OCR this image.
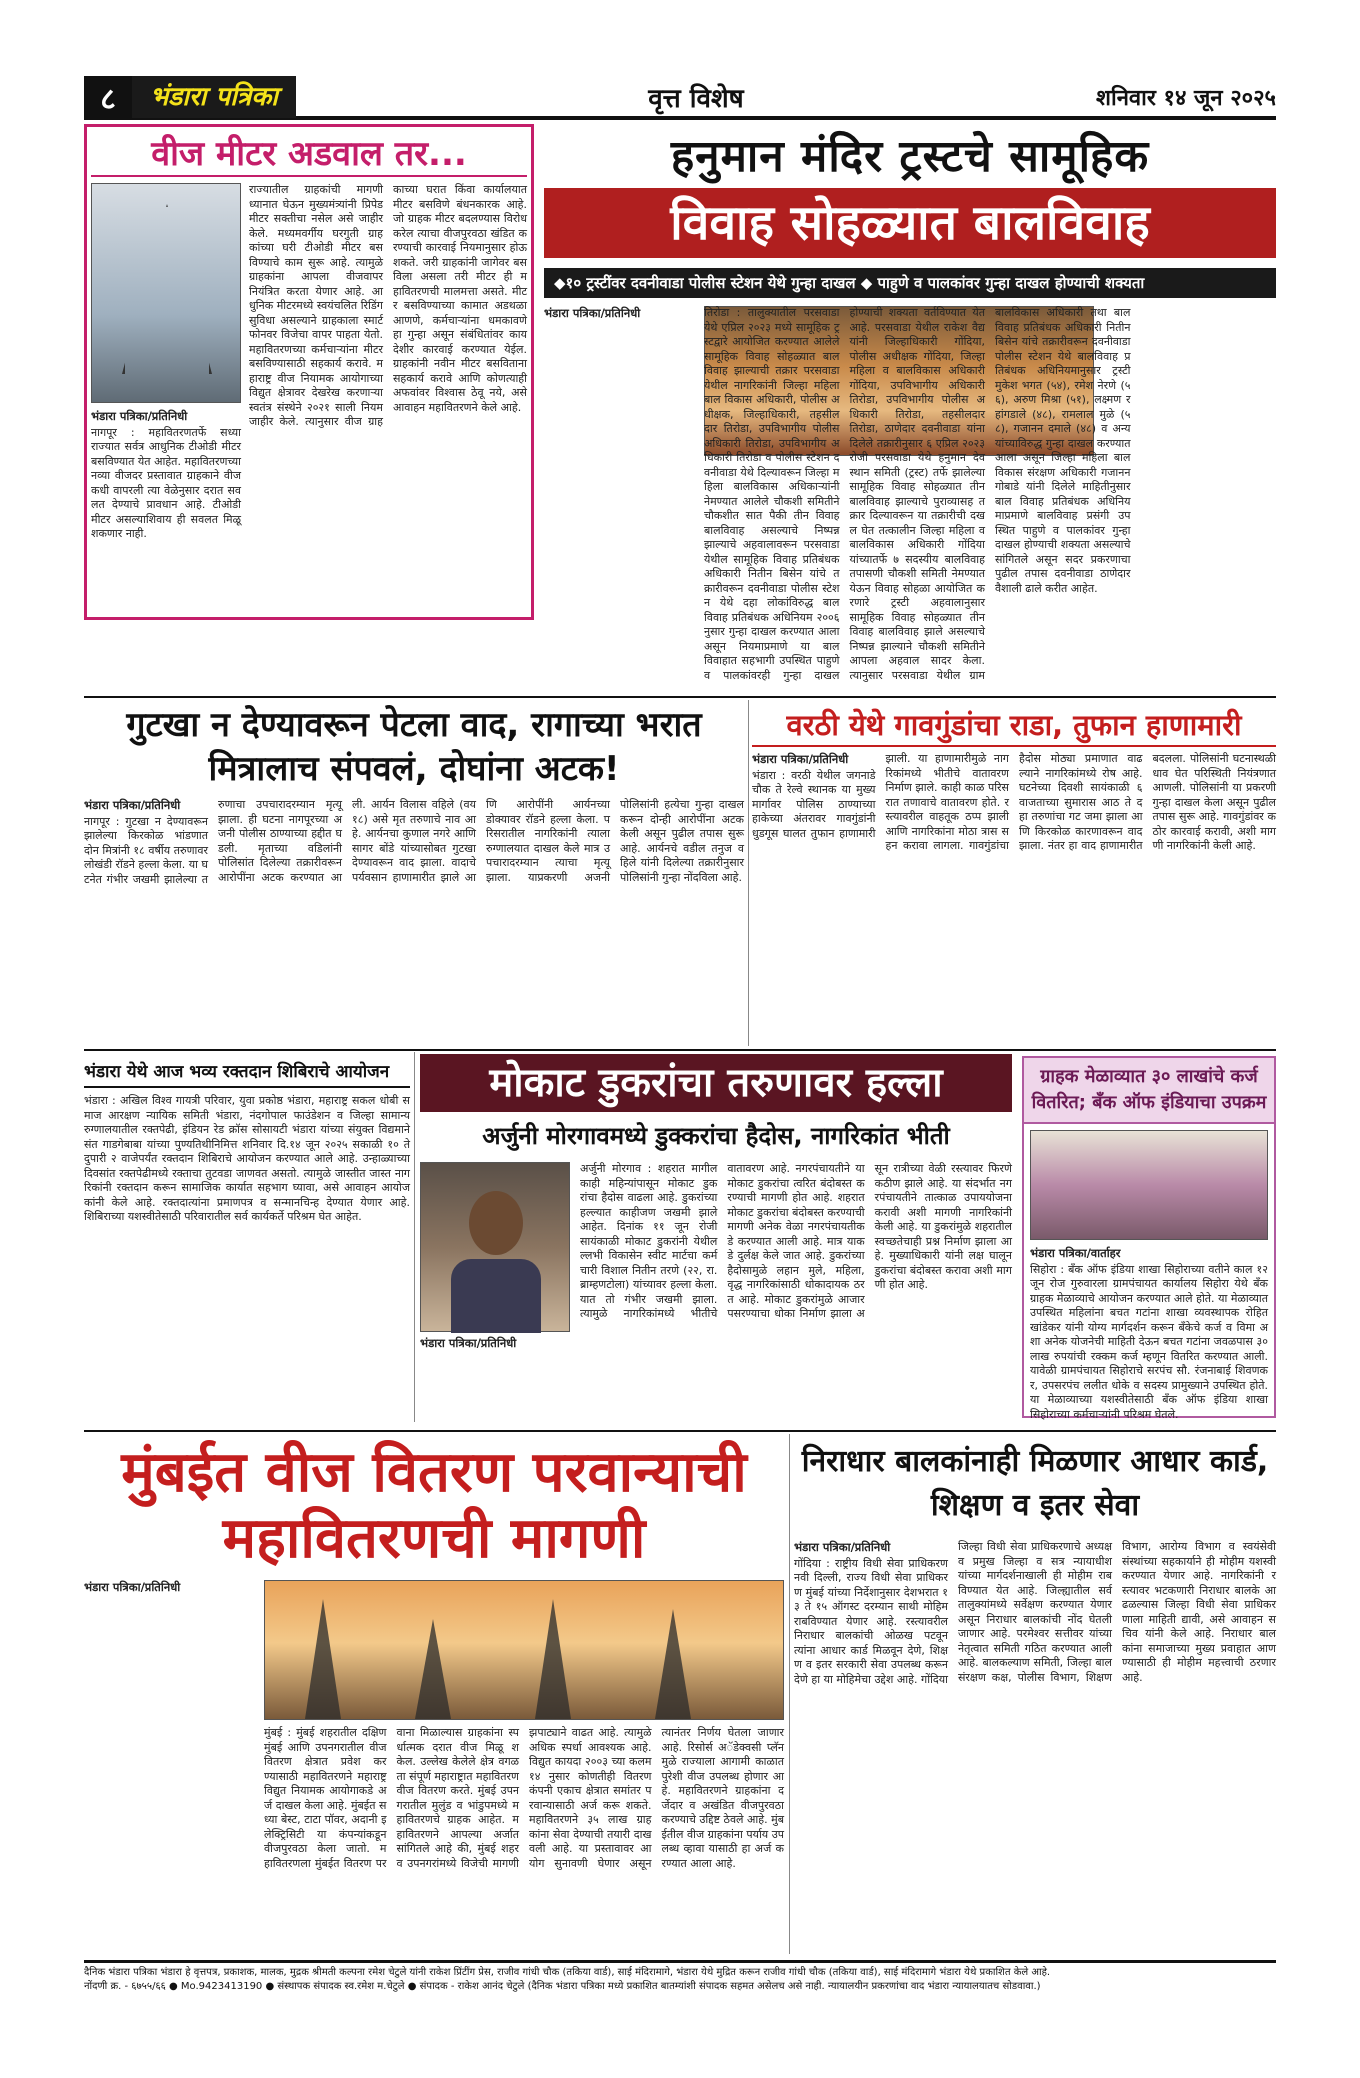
८	भंडारा पत्रिका	वृत्त विशेष	शनिवार १४ जून २०२५
वीज मीटर अडवाल तर...
भंडारा पत्रिका/प्रतिनिधी
नागपूर : महावितरणतर्फे सध्या राज्यात सर्वत्र आधुनिक टीओडी मीटर बसविण्यात येत आहेत. महावितरणच्या नव्या वीजदर प्रस्तावात ग्राहकाने वीज कधी वापरली त्या वेळेनुसार दरात सवलत देण्याचे प्रावधान आहे. टीओडी मीटर असल्याशिवाय ही सवलत मिळू शकणार नाही.
राज्यातील ग्राहकांची मागणी ध्यानात घेऊन मुख्यमंत्र्यांनी प्रिपेड मीटर सक्तीचा नसेल असे जाहीर केले. मध्यमवर्गीय घरगुती ग्राहकांच्या घरी टीओडी मीटर बसविण्याचे काम सुरू आहे. त्यामुळे ग्राहकांना आपला वीजवापर नियंत्रित करता येणार आहे. आधुनिक मीटरमध्ये स्वयंचलित रिडिंग सुविधा असल्याने ग्राहकाला स्मार्टफोनवर विजेचा वापर पाहता येतो. महावितरणच्या कर्मचाऱ्यांना मीटर बसविण्यासाठी सहकार्य करावे. महाराष्ट्र वीज नियामक आयोगाच्या विद्युत क्षेत्रावर देखरेख करणाऱ्या स्वतंत्र संस्थेने २०२१ साली नियम जाहीर केले. त्यानुसार वीज ग्राहकाच्या घरात किंवा कार्यालयात मीटर बसविणे बंधनकारक आहे. जो ग्राहक मीटर बदलण्यास विरोध करेल त्याचा वीजपुरवठा खंडित करण्याची कारवाई नियमानुसार होऊ शकते. जरी ग्राहकांनी जागेवर बसविला असला तरी मीटर ही महावितरणची मालमत्ता असते. मीटर बसविण्याच्या कामात अडथळा आणणे, कर्मचाऱ्यांना धमकावणे हा गुन्हा असून संबंधितांवर कायदेशीर कारवाई करण्यात येईल. ग्राहकांनी नवीन मीटर बसविताना सहकार्य करावे आणि कोणत्याही अफवांवर विश्वास ठेवू नये, असे आवाहन महावितरणने केले आहे.
हनुमान मंदिर ट्रस्टचे सामूहिक
विवाह सोहळ्यात बालविवाह
◆१० ट्रस्टींवर दवनीवाडा पोलीस स्टेशन येथे गुन्हा दाखल ◆ पाहुणे व पालकांवर गुन्हा दाखल होण्याची शक्यता
भंडारा पत्रिका/प्रतिनिधी	तिरोडा : तालुक्यातील परसवाडा येथे एप्रिल २०२३ मध्ये सामूहिक ट्रस्टद्वारे आयोजित करण्यात आलेले सामूहिक विवाह सोहळ्यात बालविवाह झाल्याची तक्रार परसवाडा येथील नागरिकांनी जिल्हा महिला बाल विकास अधिकारी, पोलीस अधीक्षक, जिल्हाधिकारी, तहसीलदार तिरोडा, उपविभागीय पोलीस अधिकारी तिरोडा, उपविभागीय अधिकारी तिरोडा व पोलीस स्टेशन दवनीवाडा येथे दिल्यावरून जिल्हा महिला बालविकास अधिकाऱ्यांनी नेमण्यात आलेले चौकशी समितीने चौकशीत सात पैकी तीन विवाह बालविवाह असल्याचे निष्पन्न झाल्याचे अहवालावरून परसवाडा येथील सामूहिक विवाह प्रतिबंधक अधिकारी नितीन बिसेन यांचे तक्रारीवरून दवनीवाडा पोलीस स्टेशन येथे दहा लोकांविरुद्ध बाल विवाह प्रतिबंधक अधिनियम २००६ नुसार गुन्हा दाखल करण्यात आला असून नियमाप्रमाणे या बालविवाहात सहभागी उपस्थित पाहुणे व पालकांवरही गुन्हा दाखल होण्याची शक्यता वर्तविण्यात येत आहे. परसवाडा येथील राकेश वैद्य यांनी जिल्हाधिकारी गोंदिया, पोलीस अधीक्षक गोंदिया, जिल्हा महिला व बालविकास अधिकारी गोंदिया, उपविभागीय अधिकारी तिरोडा, उपविभागीय पोलीस अधिकारी तिरोडा, तहसीलदार तिरोडा, ठाणेदार दवनीवाडा यांना दिलेले तक्रारीनुसार ६ एप्रिल २०२३ रोजी परसवाडा येथे हनुमान देवस्थान समिती (ट्रस्ट) तर्फे झालेल्या सामूहिक विवाह सोहळ्यात तीन बालविवाह झाल्याचे पुराव्यासह तक्रार दिल्यावरून या तक्रारीची दखल घेत तत्कालीन जिल्हा महिला व बालविकास अधिकारी गोंदिया यांच्यातर्फे ७ सदस्यीय बालविवाह तपासणी चौकशी समिती नेमण्यात येऊन विवाह सोहळा आयोजित करणारे ट्रस्टी अहवालानुसार सामूहिक विवाह सोहळ्यात तीन विवाह बालविवाह झाले असल्याचे निष्पन्न झाल्याने चौकशी समितीने आपला अहवाल सादर केला. त्यानुसार परसवाडा येथील ग्राम बालविकास अधिकारी तथा बालविवाह प्रतिबंधक अधिकारी नितीन बिसेन यांचे तक्रारीवरून दवनीवाडा पोलीस स्टेशन येथे बालविवाह प्रतिबंधक अधिनियमानुसार ट्रस्टी मुकेश भगत (५४), रमेश नेरणे (५६), अरुण मिश्रा (५१), लक्ष्मण रहांगडाले (४८), रामलाल मुळे (५८), गजानन दमाले (४८) व अन्य यांच्याविरुद्ध गुन्हा दाखल करण्यात आला असून जिल्हा महिला बाल विकास संरक्षण अधिकारी गजानन गोबाडे यांनी दिलेले माहितीनुसार बाल विवाह प्रतिबंधक अधिनियमाप्रमाणे बालविवाह प्रसंगी उपस्थित पाहुणे व पालकांवर गुन्हा दाखल होण्याची शक्यता असल्याचे सांगितले असून सदर प्रकरणाचा पुढील तपास दवनीवाडा ठाणेदार वैशाली ढाले करीत आहेत.
गुटखा न देण्यावरून पेटला वाद, रागाच्या भरात मित्रालाच संपवलं, दोघांना अटक!
भंडारा पत्रिका/प्रतिनिधी
नागपूर : गुटखा न देण्यावरून झालेल्या किरकोळ भांडणात दोन मित्रांनी १८ वर्षीय तरुणावर लोखंडी रॉडने हल्ला केला. या घटनेत गंभीर जखमी झालेल्या तरुणाचा उपचारादरम्यान मृत्यू झाला. ही घटना नागपूरच्या अजनी पोलीस ठाण्याच्या हद्दीत घडली. मृताच्या वडिलांनी पोलिसांत दिलेल्या तक्रारीवरून आरोपींना अटक करण्यात आली. आर्यन विलास वहिले (वय १८) असे मृत तरुणाचे नाव आहे. आर्यनचा कुणाल नगरे आणि सागर बोंडे यांच्यासोबत गुटखा देण्यावरून वाद झाला. वादाचे पर्यवसान हाणामारीत झाले आणि आरोपींनी आर्यनच्या डोक्यावर रॉडने हल्ला केला. परिसरातील नागरिकांनी त्याला रुग्णालयात दाखल केले मात्र उपचारादरम्यान त्याचा मृत्यू झाला. याप्रकरणी अजनी पोलिसांनी हत्येचा गुन्हा दाखल करून दोन्ही आरोपींना अटक केली असून पुढील तपास सुरू आहे. आर्यनचे वडील तनुज वहिले यांनी दिलेल्या तक्रारीनुसार पोलिसांनी गुन्हा नोंदविला आहे.
वरठी येथे गावगुंडांचा राडा, तुफान हाणामारी
भंडारा पत्रिका/प्रतिनिधी
भंडारा : वरठी येथील जगनाडे चौक ते रेल्वे स्थानक या मुख्य मार्गावर पोलिस ठाण्याच्या हाकेच्या अंतरावर गावगुंडांनी धुडगूस घालत तुफान हाणामारी झाली. या हाणामारीमुळे नागरिकांमध्ये भीतीचे वातावरण निर्माण झाले. काही काळ परिसरात तणावाचे वातावरण होते. रस्त्यावरील वाहतूक ठप्प झाली आणि नागरिकांना मोठा त्रास सहन करावा लागला. गावगुंडांचा हैदोस मोठ्या प्रमाणात वाढल्याने नागरिकांमध्ये रोष आहे. घटनेच्या दिवशी सायंकाळी ६ वाजताच्या सुमारास आठ ते दहा तरुणांचा गट जमा झाला आणि किरकोळ कारणावरून वाद झाला. नंतर हा वाद हाणामारीत बदलला. पोलिसांनी घटनास्थळी धाव घेत परिस्थिती नियंत्रणात आणली. पोलिसांनी या प्रकरणी गुन्हा दाखल केला असून पुढील तपास सुरू आहे. गावगुंडांवर कठोर कारवाई करावी, अशी मागणी नागरिकांनी केली आहे.
भंडारा येथे आज भव्य रक्तदान शिबिराचे आयोजन
भंडारा : अखिल विश्व गायत्री परिवार, युवा प्रकोष्ठ भंडारा, महाराष्ट्र सकल धोबी समाज आरक्षण न्यायिक समिती भंडारा, नंदगोपाल फाउंडेशन व जिल्हा सामान्य रुग्णालयातील रक्तपेढी, इंडियन रेड क्रॉस सोसायटी भंडारा यांच्या संयुक्त विद्यमाने संत गाडगेबाबा यांच्या पुण्यतिथीनिमित्त शनिवार दि.१४ जून २०२५ सकाळी १० ते दुपारी २ वाजेपर्यंत रक्तदान शिबिराचे आयोजन करण्यात आले आहे. उन्हाळ्याच्या दिवसांत रक्तपेढीमध्ये रक्ताचा तुटवडा जाणवत असतो. त्यामुळे जास्तीत जास्त नागरिकांनी रक्तदान करून सामाजिक कार्यात सहभाग घ्यावा, असे आवाहन आयोजकांनी केले आहे. रक्तदात्यांना प्रमाणपत्र व सन्मानचिन्ह देण्यात येणार आहे. शिबिराच्या यशस्वीतेसाठी परिवारातील सर्व कार्यकर्ते परिश्रम घेत आहेत.
मोकाट डुकरांचा तरुणावर हल्ला
अर्जुनी मोरगावमध्ये डुक्करांचा हैदोस, नागरिकांत भीती
भंडारा पत्रिका/प्रतिनिधी
अर्जुनी मोरगाव : शहरात मागील काही महिन्यांपासून मोकाट डुकरांचा हैदोस वाढला आहे. डुकरांच्या हल्ल्यात काहीजण जखमी झाले आहेत. दिनांक ११ जून रोजी सायंकाळी मोकाट डुकरांनी येथीलल्लभी विकासेन स्वीट मार्टचा कर्मचारी विशाल नितीन तरणे (२२, रा. ब्राम्हणटोला) यांच्यावर हल्ला केला. यात तो गंभीर जखमी झाला. त्यामुळे नागरिकांमध्ये भीतीचे वातावरण आहे. नगरपंचायतीने या मोकाट डुकरांचा त्वरित बंदोबस्त करण्याची मागणी होत आहे. शहरात मोकाट डुकरांचा बंदोबस्त करण्याची मागणी अनेक वेळा नगरपंचायतीकडे करण्यात आली आहे. मात्र याकडे दुर्लक्ष केले जात आहे. डुकरांच्या हैदोसामुळे लहान मुले, महिला, वृद्ध नागरिकांसाठी धोकादायक ठरत आहे. मोकाट डुकरांमुळे आजार पसरण्याचा धोका निर्माण झाला असून रात्रीच्या वेळी रस्त्यावर फिरणे कठीण झाले आहे. या संदर्भात नगरपंचायतीने तात्काळ उपाययोजना करावी अशी मागणी नागरिकांनी केली आहे. या डुकरांमुळे शहरातील स्वच्छतेचाही प्रश्न निर्माण झाला आहे. मुख्याधिकारी यांनी लक्ष घालून डुकरांचा बंदोबस्त करावा अशी मागणी होत आहे.
ग्राहक मेळाव्यात ३० लाखांचे कर्ज वितरित; बँक ऑफ इंडियाचा उपक्रम
भंडारा पत्रिका/वार्ताहर
सिहोरा : बँक ऑफ इंडिया शाखा सिहोराच्या वतीने काल १२ जून रोज गुरुवारला ग्रामपंचायत कार्यालय सिहोरा येथे बँक ग्राहक मेळाव्याचे आयोजन करण्यात आले होते. या मेळाव्यात उपस्थित महिलांना बचत गटांना शाखा व्यवस्थापक रोहित खांडेकर यांनी योग्य मार्गदर्शन करून बँकेचे कर्ज व विमा अशा अनेक योजनेची माहिती देऊन बचत गटांना जवळपास ३० लाख रुपयांची रक्कम कर्ज म्हणून वितरित करण्यात आली. यावेळी ग्रामपंचायत सिहोराचे सरपंच सौ. रंजनाबाई शिवणकर, उपसरपंच ललीत धोके व सदस्य प्रामुख्याने उपस्थित होते. या मेळाव्याच्या यशस्वीतेसाठी बँक ऑफ इंडिया शाखा सिहोराच्या कर्मचाऱ्यांनी परिश्रम घेतले.
मुंबईत वीज वितरण परवान्याची महावितरणची मागणी
भंडारा पत्रिका/प्रतिनिधी
मुंबई : मुंबई शहरातील दक्षिण मुंबई आणि उपनगरातील वीज वितरण क्षेत्रात प्रवेश करण्यासाठी महावितरणने महाराष्ट्र विद्युत नियामक आयोगाकडे अर्ज दाखल केला आहे. मुंबईत सध्या बेस्ट, टाटा पॉवर, अदानी इलेक्ट्रिसिटी या कंपन्यांकडून वीजपुरवठा केला जातो. महावितरणला मुंबईत वितरण परवाना मिळाल्यास ग्राहकांना स्पर्धात्मक दरात वीज मिळू शकेल. उल्लेख केलेले क्षेत्र वगळता संपूर्ण महाराष्ट्रात महावितरण वीज वितरण करते. मुंबई उपनगरातील मुलुंड व भांडुपमध्ये महावितरणचे ग्राहक आहेत. महावितरणने आपल्या अर्जात सांगितले आहे की, मुंबई शहर व उपनगरांमध्ये विजेची मागणी झपाट्याने वाढत आहे. त्यामुळे अधिक स्पर्धा आवश्यक आहे. विद्युत कायदा २००३ च्या कलम १४ नुसार कोणतीही वितरण कंपनी एकाच क्षेत्रात समांतर परवान्यासाठी अर्ज करू शकते. महावितरणने ३५ लाख ग्राहकांना सेवा देण्याची तयारी दाखवली आहे. या प्रस्तावावर आयोग सुनावणी घेणार असून त्यानंतर निर्णय घेतला जाणार आहे. रिसोर्स अॅडेक्वसी प्लॅनमुळे राज्याला आगामी काळात पुरेशी वीज उपलब्ध होणार आहे. महावितरणने ग्राहकांना दर्जेदार व अखंडित वीजपुरवठा करण्याचे उद्दिष्ट ठेवले आहे. मुंबईतील वीज ग्राहकांना पर्याय उपलब्ध व्हावा यासाठी हा अर्ज करण्यात आला आहे.
निराधार बालकांनाही मिळणार आधार कार्ड, शिक्षण व इतर सेवा
भंडारा पत्रिका/प्रतिनिधी
गोंदिया : राष्ट्रीय विधी सेवा प्राधिकरण नवी दिल्ली, राज्य विधी सेवा प्राधिकरण मुंबई यांच्या निर्देशानुसार देशभरात १३ ते १५ ऑगस्ट दरम्यान साथी मोहिम राबविण्यात येणार आहे. रस्त्यावरील निराधार बालकांची ओळख पटवून त्यांना आधार कार्ड मिळवून देणे, शिक्षण व इतर सरकारी सेवा उपलब्ध करून देणे हा या मोहिमेचा उद्देश आहे. गोंदिया जिल्हा विधी सेवा प्राधिकरणाचे अध्यक्ष व प्रमुख जिल्हा व सत्र न्यायाधीश यांच्या मार्गदर्शनाखाली ही मोहीम राबविण्यात येत आहे. जिल्ह्यातील सर्व तालुक्यांमध्ये सर्वेक्षण करण्यात येणार असून निराधार बालकांची नोंद घेतली जाणार आहे. परमेश्वर सत्तीवर यांच्या नेतृत्वात समिती गठित करण्यात आली आहे. बालकल्याण समिती, जिल्हा बाल संरक्षण कक्ष, पोलीस विभाग, शिक्षण विभाग, आरोग्य विभाग व स्वयंसेवी संस्थांच्या सहकार्याने ही मोहीम यशस्वी करण्यात येणार आहे. नागरिकांनी रस्त्यावर भटकणारी निराधार बालके आढळल्यास जिल्हा विधी सेवा प्राधिकरणाला माहिती द्यावी, असे आवाहन सचिव यांनी केले आहे. निराधार बालकांना समाजाच्या मुख्य प्रवाहात आणण्यासाठी ही मोहीम महत्त्वाची ठरणार आहे.
दैनिक भंडारा पत्रिका भंडारा हे वृत्तपत्र, प्रकाशक, मालक, मुद्रक श्रीमती कल्पना रमेश चेटुले यांनी राकेश प्रिंटींग प्रेस, राजीव गांधी चौक (तकिया वार्ड), साई मंदिरामागे, भंडारा येथे मुद्रित करून राजीव गांधी चौक (तकिया वार्ड), साई मंदिरामागे भंडारा येथे प्रकाशित केले आहे.
नोंदणी क्र. - ६७५५/६६ ● Mo.9423413190 ● संस्थापक संपादक स्व.रमेश म.चेटुले ● संपादक - राकेश आनंद चेटुले (दैनिक भंडारा पत्रिका मध्ये प्रकाशित बातम्यांशी संपादक सहमत असेलच असे नाही. न्यायालयीन प्रकरणांचा वाद भंडारा न्यायालयातच सोडवावा.)
